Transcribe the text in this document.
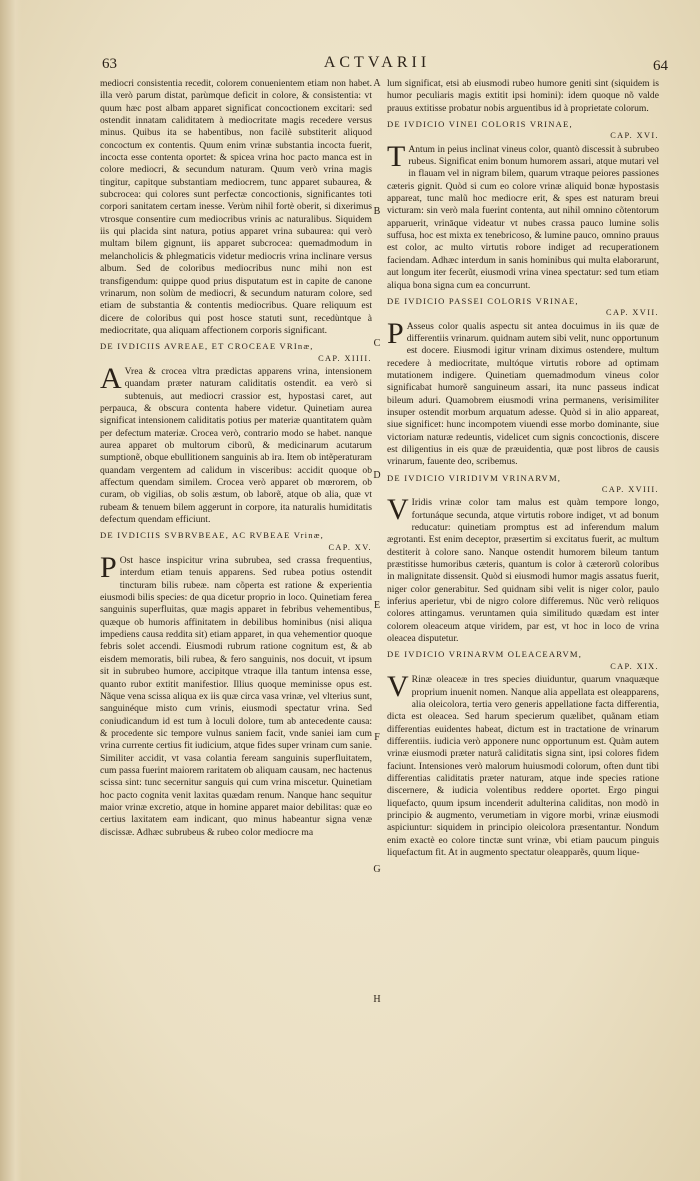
63	ACTVARII	64
A
B
C
D
E
F
G
H

mediocri consistentia recedit, colorem conuenientem etiam non habet. illa verò parum distat, parùmque deficit in colore, & consistentia: vt quum hæc post albam apparet significat concoctionem excitari: sed ostendit innatam caliditatem à mediocritate magis recedere versus minus. Quibus ita se habentibus, non facilè substiterit aliquod concoctum ex contentis. Quum enim vrinæ substantia incocta fuerit, incocta esse contenta oportet: & spicea vrina hoc pacto manca est in colore mediocri, & secundum naturam. Quum verò vrina magis tingitur, capitque substantiam mediocrem, tunc apparet subaurea, & subcrocea: qui colores sunt perfectæ concoctionis, significantes toti corpori sanitatem certam inesse. Verùm nihil fortè oberit, si dixerimus vtrosque consentire cum mediocribus vrinis ac naturalibus. Siquidem iis qui placida sint natura, potius apparet vrina subaurea: qui verò multam bilem gignunt, iis apparet subcrocea: quemadmodum in melancholicis & phlegmaticis videtur mediocris vrina inclinare versus album. Sed de coloribus mediocribus nunc mihi non est transfigendum: quippe quod prius disputatum est in capite de canone vrinarum, non solùm de mediocri, & secundum naturam colore, sed etiam de substantia & contentis mediocribus. Quare reliquum est dicere de coloribus qui post hosce statuti sunt, recedùntque à mediocritate, qua aliquam affectionem corporis significant.

DE IVDICIIS AVREAE, ET CROCEAE VRInæ,
CAP. XIIII.

A Vrea & crocea vltra prædictas apparens vrina, intensionem quandam præter naturam caliditatis ostendit. ea verò si subtenuis, aut mediocri crassior est, hypostasi caret, aut perpauca, & obscura contenta habere videtur. Quinetiam aurea significat intensionem caliditatis potius per materiæ quantitatem quàm per defectum materiæ. Crocea verò, contrario modo se habet. nanque aurea apparet ob multorum ciborũ, & medicinarum acutarum sumptionẽ, obque ebullitionem sanguinis ab ira. Item ob intẽperaturam quandam vergentem ad calidum in visceribus: accidit quoque ob affectum quendam similem. Crocea verò apparet ob mœrorem, ob curam, ob vigilias, ob solis æstum, ob laborẽ, atque ob alia, quæ vt rubeam & tenuem bilem aggerunt in corpore, ita naturalis humiditatis defectum quendam efficiunt.

DE IVDICIIS SVBRVBEAE, AC RVBEAE Vrinæ,
CAP. XV.

P Ost hasce inspicitur vrina subrubea, sed crassa frequentius, interdum etiam tenuis apparens. Sed rubea potius ostendit tincturam bilis rubeæ. nam cõperta est ratione & experientia eiusmodi bilis species: de qua dicetur proprio in loco. Quinetiam ferea sanguinis superfluitas, quæ magis apparet in febribus vehementibus, quæque ob humoris affinitatem in debilibus hominibus (nisi aliqua impediens causa reddita sit) etiam apparet, in qua vehementior quoque febris solet accendi. Eiusmodi rubrum ratione cognitum est, & ab eisdem memoratis, bili rubea, & fero sanguinis, nos docuit, vt ipsum sit in subrubeo humore, accipitque vtraque illa tantum intensa esse, quanto rubor extitit manifestior. Illius quoque meminisse opus est. Nãque vena scissa aliqua ex iis quæ circa vasa vrinæ, vel vlterius sunt, sanguinéque misto cum vrinis, eiusmodi spectatur vrina. Sed coniudicandum id est tum à loculi dolore, tum ab antecedente causa: & procedente sic tempore vulnus saniem facit, vnde saniei iam cum vrina currente certius fit iudicium, atque fides super vrinam cum sanie. Similiter accidit, vt vasa colantia feream sanguinis superfluitatem, cum passa fuerint maiorem raritatem ob aliquam causam, nec hactenus scissa sint: tunc secernitur sanguis qui cum vrina miscetur. Quinetiam hoc pacto cognita venit laxitas quædam renum. Nanque hanc sequitur maior vrinæ excretio, atque in homine apparet maior debilitas: quæ eo certius laxitatem eam indicant, quo minus habeantur signa venæ discissæ. Adhæc subrubeus & rubeo color mediocre ma

lum significat, etsi ab eiusmodi rubeo humore geniti sint (siquidem is humor peculiaris magis extitit ipsi homini): idem quoque nõ valde prauus extitisse probatur nobis arguentibus id à proprietate colorum.

DE IVDICIO VINEI COLORIS VRINAE,
CAP. XVI.

T Antum in peius inclinat vineus color, quantò discessit à subrubeo rubeus. Significat enim bonum humorem assari, atque mutari vel in flauam vel in nigram bilem, quarum vtraque peiores passiones cæteris gignit. Quòd si cum eo colore vrinæ aliquid bonæ hypostasis appareat, tunc malũ hoc mediocre erit, & spes est naturam breui victuram: sin verò mala fuerint contenta, aut nihil omnino cõtentorum apparuerit, vrināque videatur vt nubes crassa pauco lumine solis suffusa, hoc est mixta ex tenebricoso, & lumine pauco, omnino prauus est color, ac multo virtutis robore indiget ad recuperationem faciendam. Adhæc interdum in sanis hominibus qui multa elaborarunt, aut longum iter fecerũt, eiusmodi vrina vinea spectatur: sed tum etiam aliqua bona signa cum ea concurrunt.

DE IVDICIO PASSEI COLORIS VRINAE,
CAP. XVII.

P Asseus color qualis aspectu sit antea docuimus in iis quæ de differentiis vrinarum. quidnam autem sibi velit, nunc opportunum est docere. Eiusmodi igitur vrinam diximus ostendere, multum recedere à mediocritate, multóque virtutis robore ad optimam mutationem indigere. Quinetiam quemadmodum vineus color significabat humorẽ sanguineum assari, ita nunc passeus indicat bileum aduri. Quamobrem eiusmodi vrina permanens, verisimiliter insuper ostendit morbum arquatum adesse. Quòd si in alio appareat, siue significet: hunc incompotem viuendi esse morbo dominante, siue victoriam naturæ redeuntis, videlicet cum signis concoctionis, discere est diligentius in eis quæ de præuidentia, quæ post libros de causis vrinarum, fauente deo, scribemus.

DE IVDICIO VIRIDIVM VRINARVM,
CAP. XVIII.

V Iridis vrinæ color tam malus est quàm tempore longo, fortunáque secunda, atque virtutis robore indiget, vt ad bonum reducatur: quinetiam promptus est ad inferendum malum ægrotanti. Est enim deceptor, præsertim si excitatus fuerit, ac multum destiterit à colore sano. Nanque ostendit humorem bileum tantum præstitisse humoribus cæteris, quantum is color à cæterorũ coloribus in malignitate dissensit. Quòd si eiusmodi humor magis assatus fuerit, niger color generabitur. Sed quidnam sibi velit is niger color, paulo inferius aperietur, vbi de nigro colore differemus. Nũc verò reliquos colores attingamus. veruntamen quia similitudo quædam est inter colorem oleaceum atque viridem, par est, vt hoc in loco de vrina oleacea disputetur.

DE IVDICIO VRINARVM OLEACEARVM,
CAP. XIX.

V Rinæ oleaceæ in tres species diuiduntur, quarum vnaquæque proprium inuenit nomen. Nanque alia appellata est oleapparens, alia oleicolora, tertia vero generis appellatione facta differentia, dicta est oleacea. Sed harum specierum quælibet, quãnam etiam differentias euidentes habeat, dictum est in tractatione de vrinarum differentiis. iudicia verò apponere nunc opportunum est. Quàm autem vrinæ eiusmodi præter naturã caliditatis signa sint, ipsi colores fidem faciunt. Intensiones verò malorum huiusmodi colorum, often dunt tibi differentias caliditatis præter naturam, atque inde species ratione discernere, & iudicia volentibus reddere oportet. Ergo pingui liquefacto, quum ipsum incenderit adulterina caliditas, non modò in principio & augmento, verumetiam in vigore morbi, vrinæ eiusmodi aspiciuntur: siquidem in principio oleicolora præsentantur. Nondum enim exactè eo colore tinctæ sunt vrinæ, vbi etiam paucum pinguis liquefactum fit. At in augmento spectatur oleapparẽs, quum lique-
